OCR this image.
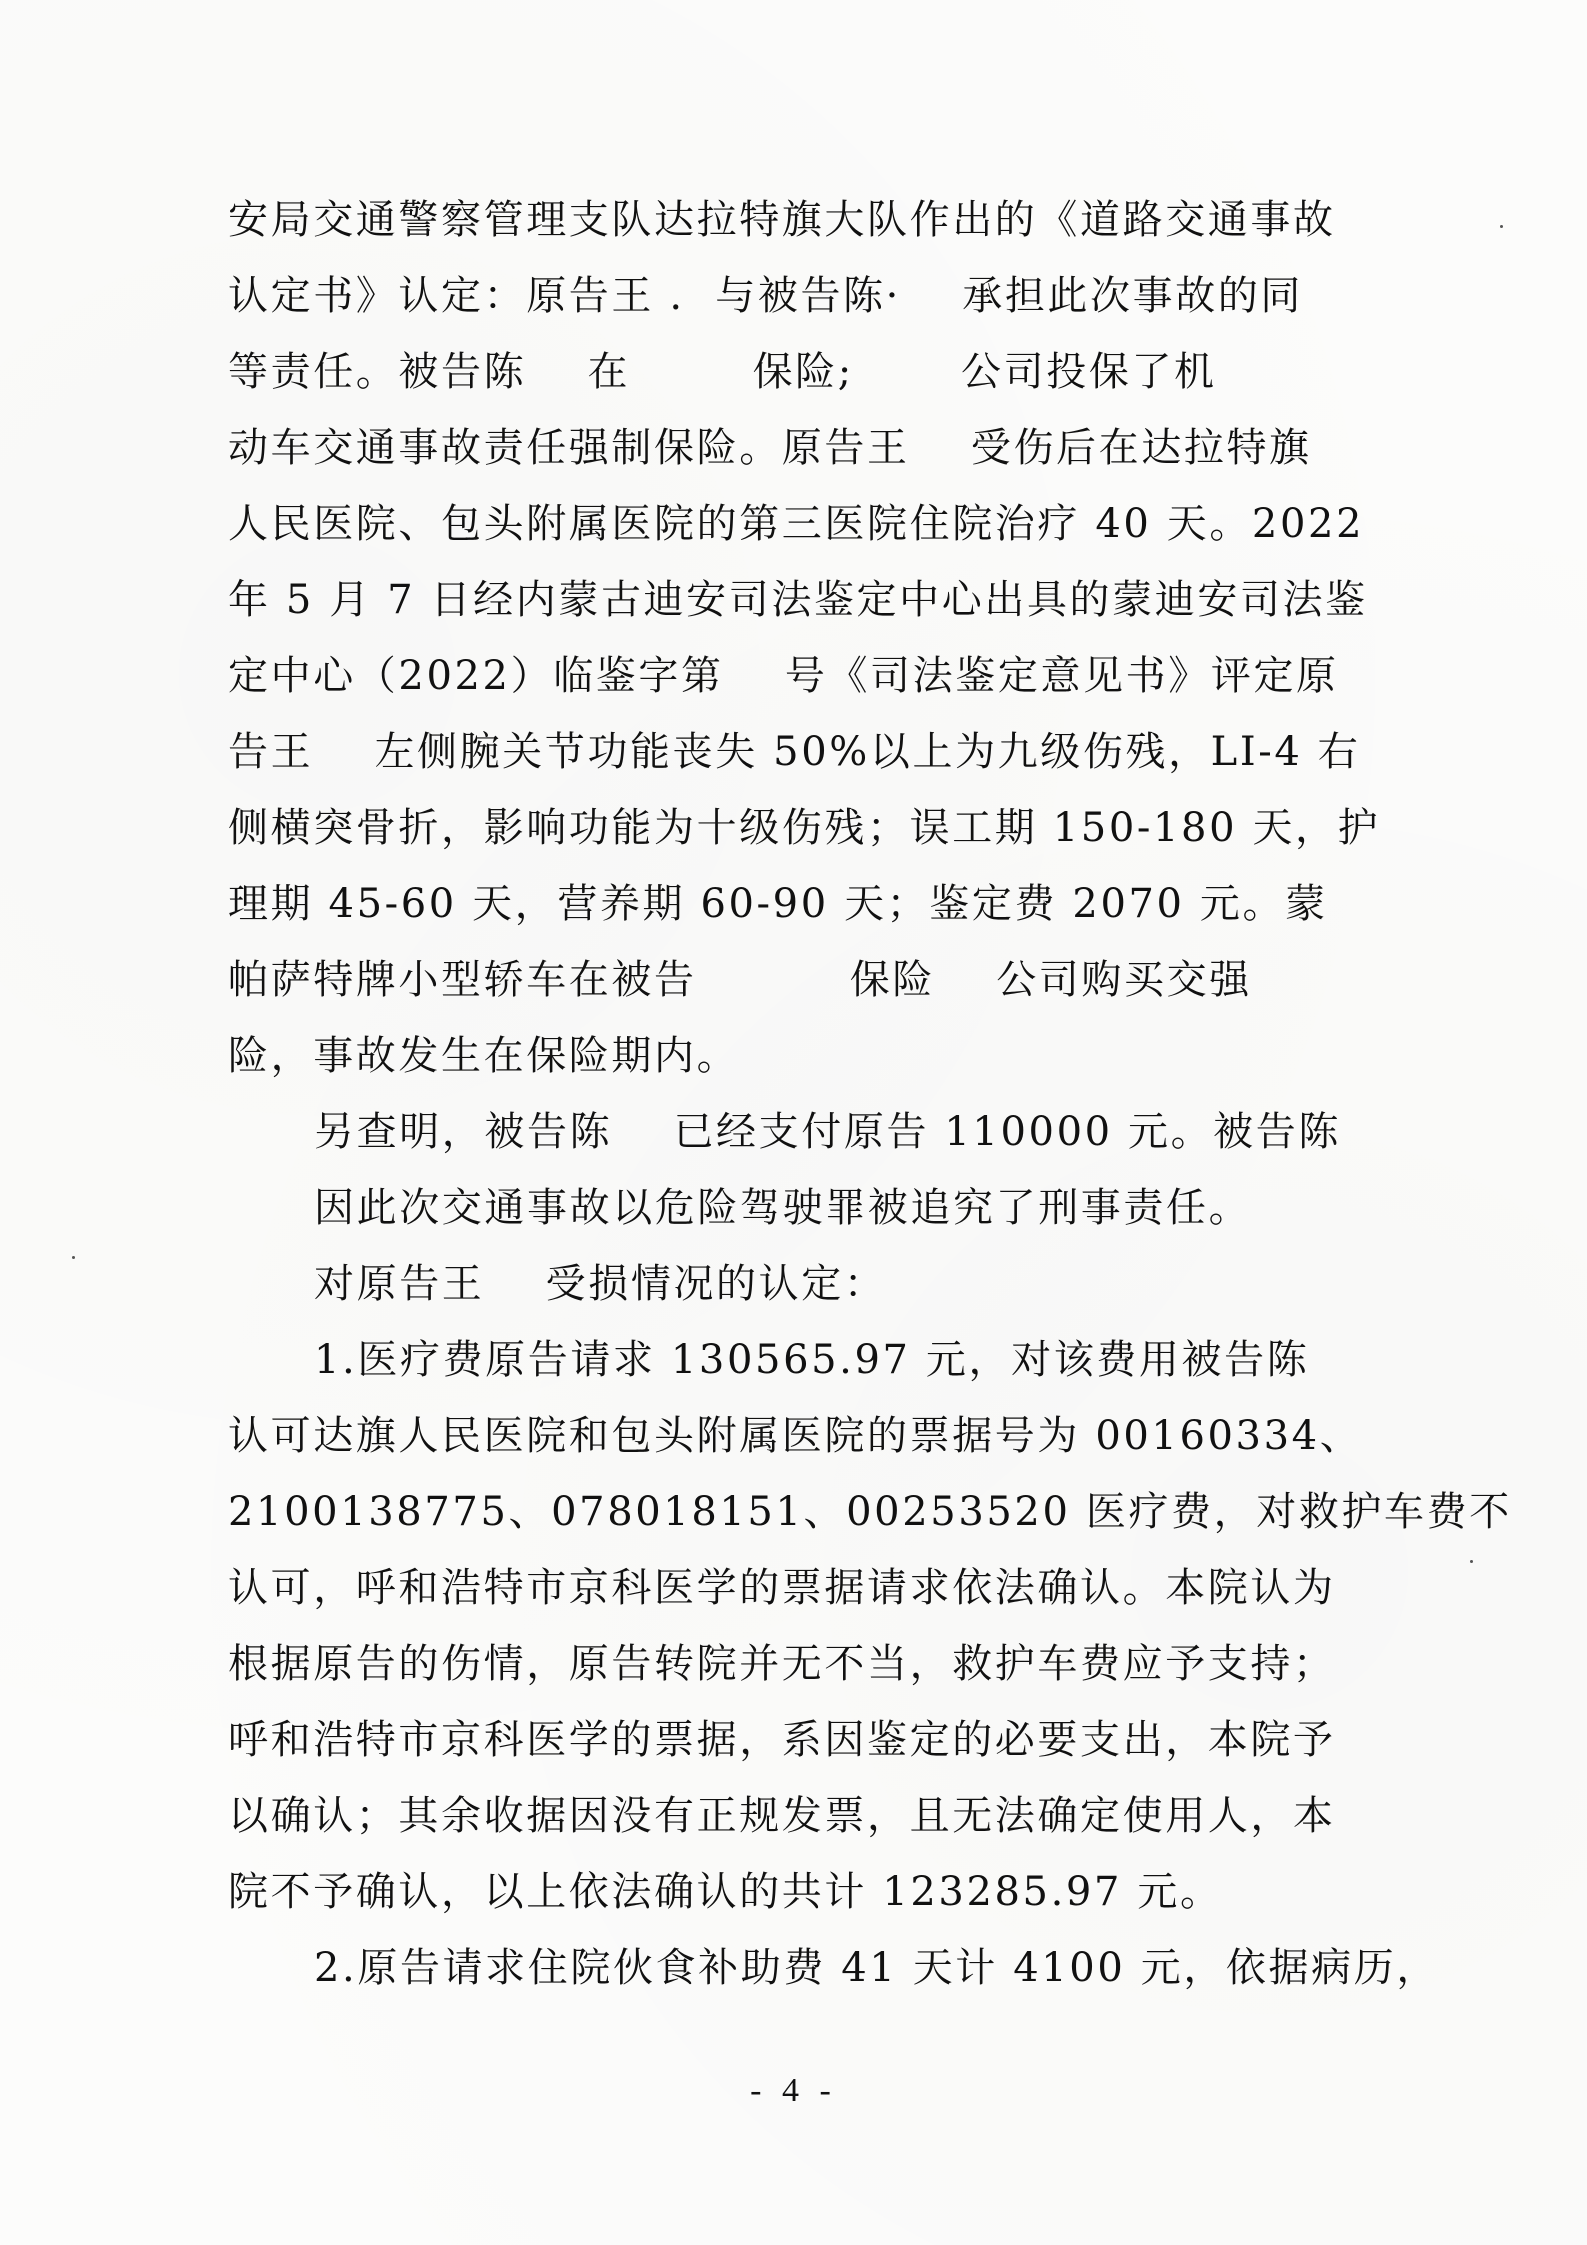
安局交通警察管理支队达拉特旗大队作出的《道路交通事故
认定书》认定：原告王 .  与被告陈·    承担此次事故的同
等责任。被告陈    在        保险;       公司投保了机
动车交通事故责任强制保险。原告王    受伤后在达拉特旗
人民医院、包头附属医院的第三医院住院治疗 40 天。2022
年 5 月 7 日经内蒙古迪安司法鉴定中心出具的蒙迪安司法鉴
定中心（2022）临鉴字第    号《司法鉴定意见书》评定原
告王    左侧腕关节功能丧失 50%以上为九级伤残，LI-4 右
侧横突骨折，影响功能为十级伤残；误工期 150-180 天，护
理期 45-60 天，营养期 60-90 天；鉴定费 2070 元。蒙
帕萨特牌小型轿车在被告          保险    公司购买交强
险，事故发生在保险期内。
另查明，被告陈    已经支付原告 110000 元。被告陈
因此次交通事故以危险驾驶罪被追究了刑事责任。
对原告王    受损情况的认定：
1.医疗费原告请求 130565.97 元，对该费用被告陈
认可达旗人民医院和包头附属医院的票据号为 00160334、
2100138775、078018151、00253520 医疗费，对救护车费不
认可，呼和浩特市京科医学的票据请求依法确认。本院认为
根据原告的伤情，原告转院并无不当，救护车费应予支持；
呼和浩特市京科医学的票据，系因鉴定的必要支出，本院予
以确认；其余收据因没有正规发票，且无法确定使用人，本
院不予确认，以上依法确认的共计 123285.97 元。
2.原告请求住院伙食补助费 41 天计 4100 元，依据病历，
- 4 -
